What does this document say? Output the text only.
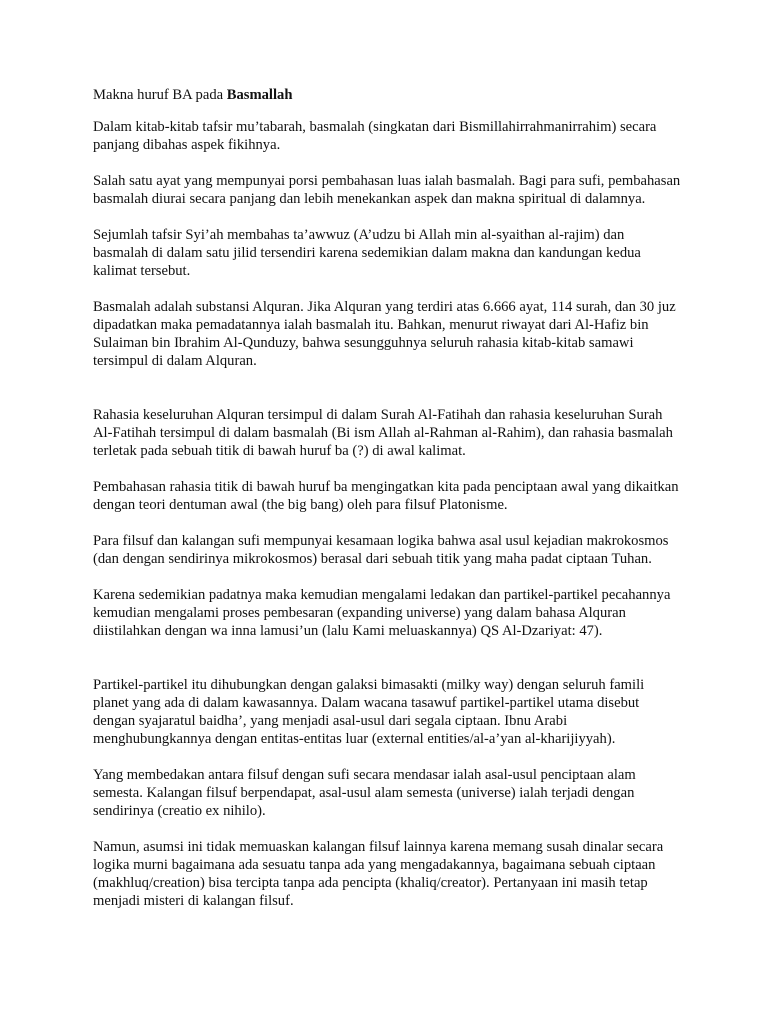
Makna huruf BA pada Basmallah

Dalam kitab-kitab tafsir mu’tabarah, basmalah (singkatan dari Bismillahirrahmanirrahim) secara panjang dibahas aspek fikihnya.

Salah satu ayat yang mempunyai porsi pembahasan luas ialah basmalah. Bagi para sufi, pembahasan basmalah diurai secara panjang dan lebih menekankan aspek dan makna spiritual di dalamnya.

Sejumlah tafsir Syi’ah membahas ta’awwuz (A’udzu bi Allah min al-syaithan al-rajim) dan basmalah di dalam satu jilid tersendiri karena sedemikian dalam makna dan kandungan kedua kalimat tersebut.

Basmalah adalah substansi Alquran. Jika Alquran yang terdiri atas 6.666 ayat, 114 surah, dan 30 juz dipadatkan maka pemadatannya ialah basmalah itu. Bahkan, menurut riwayat dari Al-Hafiz bin Sulaiman bin Ibrahim Al-Qunduzy, bahwa sesungguhnya seluruh rahasia kitab-kitab samawi tersimpul di dalam Alquran.

Rahasia keseluruhan Alquran tersimpul di dalam Surah Al-Fatihah dan rahasia keseluruhan Surah Al-Fatihah tersimpul di dalam basmalah (Bi ism Allah al-Rahman al-Rahim), dan rahasia basmalah terletak pada sebuah titik di bawah huruf ba (?) di awal kalimat.

Pembahasan rahasia titik di bawah huruf ba mengingatkan kita pada penciptaan awal yang dikaitkan dengan teori dentuman awal (the big bang) oleh para filsuf Platonisme.

Para filsuf dan kalangan sufi mempunyai kesamaan logika bahwa asal usul kejadian makrokosmos (dan dengan sendirinya mikrokosmos) berasal dari sebuah titik yang maha padat ciptaan Tuhan.

Karena sedemikian padatnya maka kemudian mengalami ledakan dan partikel-partikel pecahannya kemudian mengalami proses pembesaran (expanding universe) yang dalam bahasa Alquran diistilahkan dengan wa inna lamusi’un (lalu Kami meluaskannya) QS Al-Dzariyat: 47).

Partikel-partikel itu dihubungkan dengan galaksi bimasakti (milky way) dengan seluruh famili planet yang ada di dalam kawasannya. Dalam wacana tasawuf partikel-partikel utama disebut dengan syajaratul baidha’, yang menjadi asal-usul dari segala ciptaan. Ibnu Arabi menghubungkannya dengan entitas-entitas luar (external entities/al-a’yan al-kharijiyyah).

Yang membedakan antara filsuf dengan sufi secara mendasar ialah asal-usul penciptaan alam semesta. Kalangan filsuf berpendapat, asal-usul alam semesta (universe) ialah terjadi dengan sendirinya (creatio ex nihilo).

Namun, asumsi ini tidak memuaskan kalangan filsuf lainnya karena memang susah dinalar secara logika murni bagaimana ada sesuatu tanpa ada yang mengadakannya, bagaimana sebuah ciptaan (makhluq/creation) bisa tercipta tanpa ada pencipta (khaliq/creator). Pertanyaan ini masih tetap menjadi misteri di kalangan filsuf.
